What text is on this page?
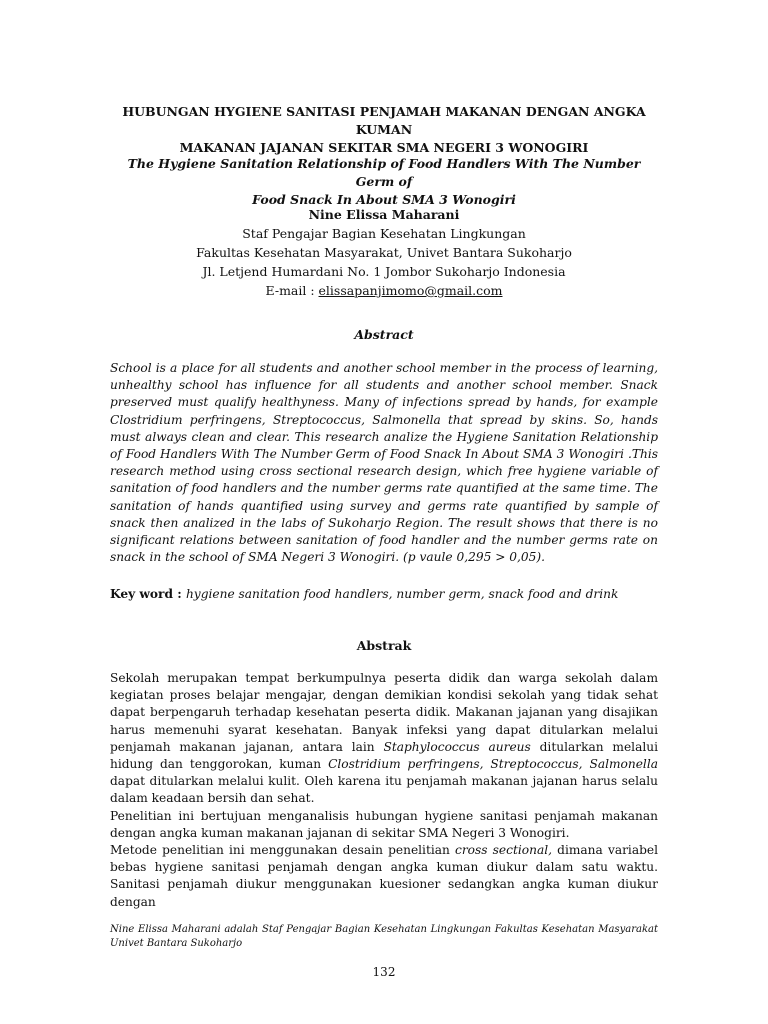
HUBUNGAN HYGIENE SANITASI PENJAMAH MAKANAN DENGAN ANGKA KUMAN
MAKANAN JAJANAN SEKITAR SMA NEGERI 3 WONOGIRI
The Hygiene Sanitation Relationship of Food Handlers With The Number Germ of
Food Snack In About SMA 3 Wonogiri
Nine Elissa Maharani
Staf Pengajar Bagian Kesehatan Lingkungan
Fakultas Kesehatan Masyarakat, Univet Bantara Sukoharjo
Jl. Letjend Humardani No. 1 Jombor Sukoharjo Indonesia
E-mail : elissapanjimomo@gmail.com
Abstract
School is a place for all students and another school member in the process of learning, unhealthy school has influence for all students and another school member. Snack preserved must qualify healthyness. Many of infections spread by hands, for example Clostridium perfringens, Streptococcus, Salmonella that spread by skins. So, hands must always clean and clear. This research analize the Hygiene Sanitation Relationship of Food Handlers With The Number Germ of Food Snack In About SMA 3 Wonogiri .This research method using cross sectional research design, which free hygiene variable of sanitation of food handlers and the number germs rate quantified at the same time. The sanitation of hands quantified using survey and germs rate quantified by sample of snack then analized in the labs of Sukoharjo Region. The result shows that there is no significant relations between sanitation of food handler and the number germs rate on snack in the school of SMA Negeri 3 Wonogiri. (p vaule 0,295 > 0,05).
Key word : hygiene sanitation food handlers, number germ, snack food and drink
Abstrak

Sekolah merupakan tempat berkumpulnya peserta didik dan warga sekolah dalam kegiatan proses belajar mengajar, dengan demikian kondisi sekolah yang tidak sehat dapat berpengaruh terhadap kesehatan peserta didik. Makanan jajanan yang disajikan harus memenuhi syarat kesehatan. Banyak infeksi yang dapat ditularkan melalui penjamah makanan jajanan, antara lain Staphylococcus aureus ditularkan melalui hidung dan tenggorokan, kuman Clostridium perfringens, Streptococcus, Salmonella dapat ditularkan melalui kulit. Oleh karena itu penjamah makanan jajanan harus selalu dalam keadaan bersih dan sehat.

Penelitian ini bertujuan menganalisis hubungan hygiene sanitasi penjamah makanan dengan angka kuman makanan jajanan di sekitar SMA Negeri 3 Wonogiri.

Metode penelitian ini menggunakan desain penelitian cross sectional, dimana variabel bebas hygiene sanitasi penjamah dengan angka kuman diukur dalam satu waktu. Sanitasi penjamah diukur menggunakan kuesioner sedangkan angka kuman diukur dengan

Nine Elissa Maharani adalah Staf Pengajar Bagian Kesehatan Lingkungan Fakultas Kesehatan Masyarakat Univet Bantara Sukoharjo
132
